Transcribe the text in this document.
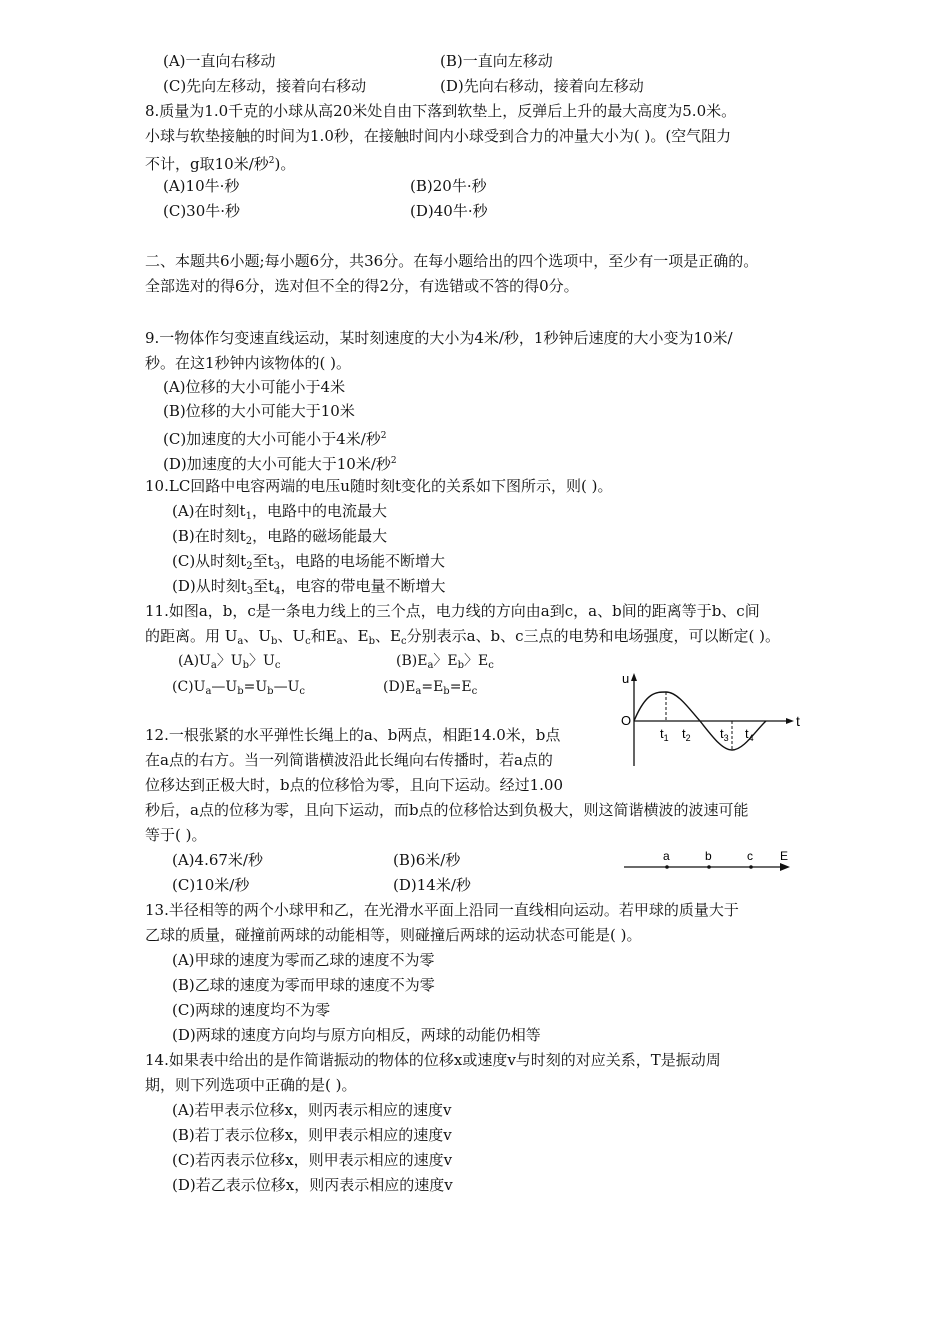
(A)一直向右移动	(B)一直向左移动
(C)先向左移动，接着向右移动	(D)先向右移动，接着向左移动
8.质量为1.0千克的小球从高20米处自由下落到软垫上，反弹后上升的最大高度为5.0米。
小球与软垫接触的时间为1.0秒，在接触时间内小球受到合力的冲量大小为( )。(空气阻力
不计，g取10米/秒$^2$)。
(A)10牛·秒	(B)20牛·秒
(C)30牛·秒	(D)40牛·秒
二、本题共6小题;每小题6分，共36分。在每小题给出的四个选项中，至少有一项是正确的。
全部选对的得6分，选对但不全的得2分，有选错或不答的得0分。
9.一物体作匀变速直线运动，某时刻速度的大小为4米/秒，1秒钟后速度的大小变为10米/
秒。在这1秒钟内该物体的( )。
(A)位移的大小可能小于4米
(B)位移的大小可能大于10米
(C)加速度的大小可能小于4米/秒$^2$
(D)加速度的大小可能大于10米/秒$^2$
10.LC回路中电容两端的电压u随时刻t变化的关系如下图所示，则( )。
(A)在时刻$t_1$，电路中的电流最大
(B)在时刻$t_2$，电路的磁场能最大
(C)从时刻$t_2$至$t_3$，电路的电场能不断增大
(D)从时刻$t_3$至$t_4$，电容的带电量不断增大
11.如图a，b，c是一条电力线上的三个点，电力线的方向由a到c，a、b间的距离等于b、c间
的距离。用 $U_a$、$U_b$、$U_c$和$E_a$、$E_b$、$E_c$分别表示a、b、c三点的电势和电场强度，可以断定( )。
$(A)U_a$〉$U_b$〉$U_c$	$(B)E_a$〉$E_b$〉$E_c$
$(C)U_a—U_b=U_b—U_c$	$(D)E_a=E_b=E_c$
12.一根张紧的水平弹性长绳上的a、b两点，相距14.0米，b点
在a点的右方。当一列简谐横波沿此长绳向右传播时，若a点的
位移达到正极大时，b点的位移恰为零，且向下运动。经过1.00
秒后，a点的位移为零，且向下运动，而b点的位移恰达到负极大，则这简谐横波的波速可能
等于( )。
(A)4.67米/秒	(B)6米/秒
(C)10米/秒	(D)14米/秒
13.半径相等的两个小球甲和乙，在光滑水平面上沿同一直线相向运动。若甲球的质量大于
乙球的质量，碰撞前两球的动能相等，则碰撞后两球的运动状态可能是( )。
(A)甲球的速度为零而乙球的速度不为零
(B)乙球的速度为零而甲球的速度不为零
(C)两球的速度均不为零
(D)两球的速度方向均与原方向相反，两球的动能仍相等
14.如果表中给出的是作简谐振动的物体的位移x或速度v与时刻的对应关系，T是振动周
期，则下列选项中正确的是( )。
(A)若甲表示位移x，则丙表示相应的速度v
(B)若丁表示位移x，则甲表示相应的速度v
(C)若丙表示位移x，则甲表示相应的速度v
(D)若乙表示位移x，则丙表示相应的速度v
u
O	t
$t_1$ $t_2$ $t_3$ $t_4$
a	b	c E
